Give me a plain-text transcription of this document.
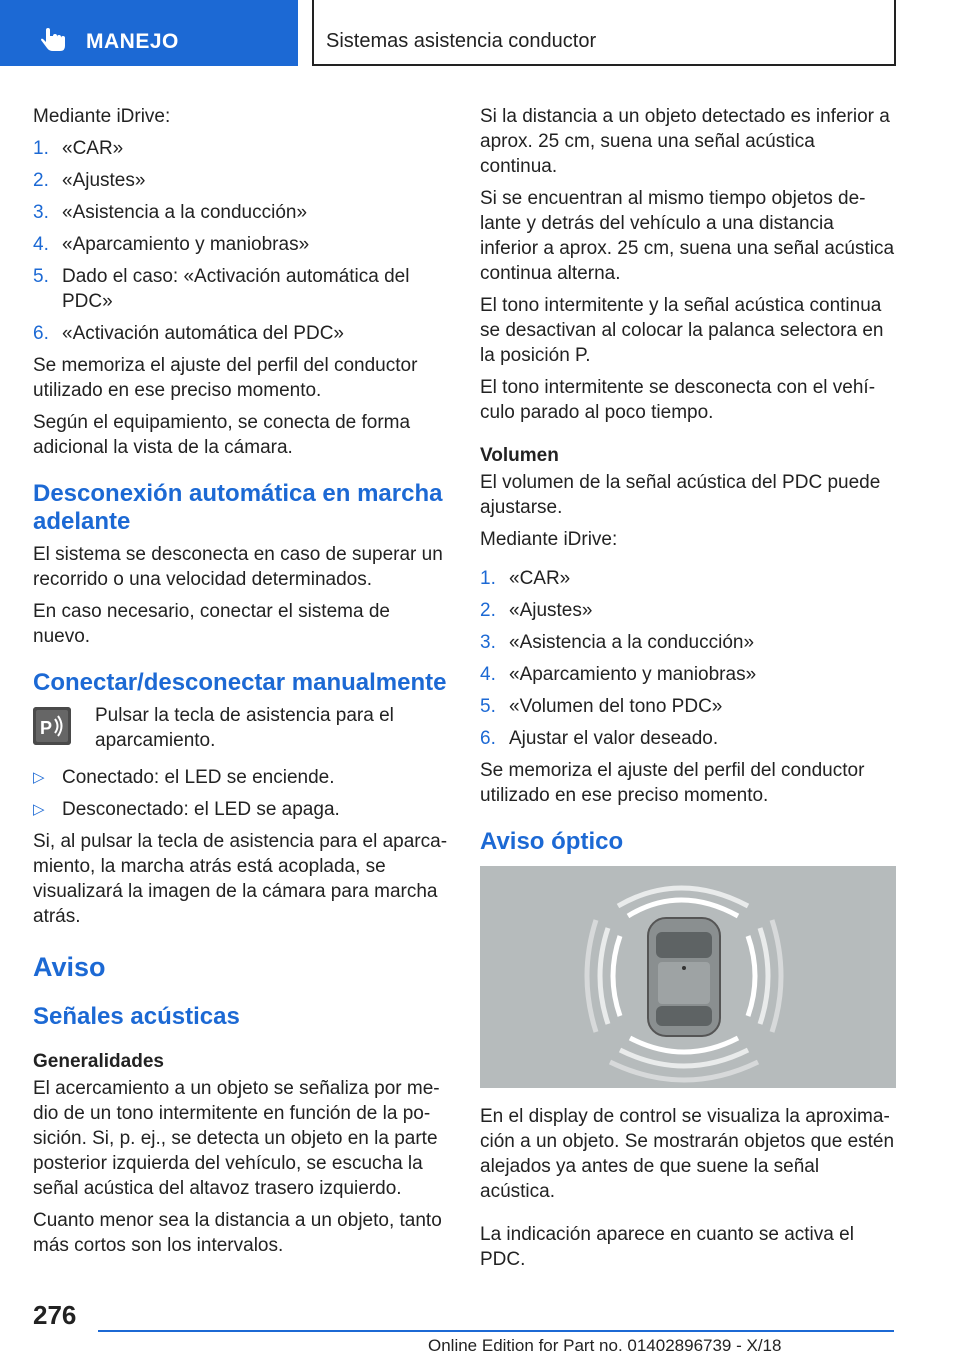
MANEJO	Sistemas asistencia conductor

Mediante iDrive:

1. «CAR»
2. «Ajustes»
3. «Asistencia a la conducción»
4. «Aparcamiento y maniobras»
5. Dado el caso: «Activación automática del PDC»
6. «Activación automática del PDC»

Se memoriza el ajuste del perfil del conductor utilizado en ese preciso momento.

Según el equipamiento, se conecta de forma adicional la vista de la cámara.

Desconexión automática en marcha adelante

El sistema se desconecta en caso de superar un recorrido o una velocidad determinados.

En caso necesario, conectar el sistema de nuevo.

Conectar/desconectar manualmente
P

Pulsar la tecla de asistencia para el aparcamiento.

▷ Conectado: el LED se enciende.
▷ Desconectado: el LED se apaga.

Si, al pulsar la tecla de asistencia para el aparcamiento, la marcha atrás está acoplada, se visualizará la imagen de la cámara para marcha atrás.

Aviso
Señales acústicas
Generalidades

El acercamiento a un objeto se señaliza por medio de un tono intermitente en función de la posición. Si, p. ej., se detecta un objeto en la parte posterior izquierda del vehículo, se escucha la señal acústica del altavoz trasero izquierdo.

Cuanto menor sea la distancia a un objeto, tanto más cortos son los intervalos.

Si la distancia a un objeto detectado es inferior a aprox. 25 cm, suena una señal acústica continua.

Si se encuentran al mismo tiempo objetos delante y detrás del vehículo a una distancia inferior a aprox. 25 cm, suena una señal acústica continua alterna.

El tono intermitente y la señal acústica continua se desactivan al colocar la palanca selectora en la posición P.

El tono intermitente se desconecta con el vehículo parado al poco tiempo.

Volumen

El volumen de la señal acústica del PDC puede ajustarse.

Mediante iDrive:

1. «CAR»
2. «Ajustes»
3. «Asistencia a la conducción»
4. «Aparcamiento y maniobras»
5. «Volumen del tono PDC»
6. Ajustar el valor deseado.

Se memoriza el ajuste del perfil del conductor utilizado en ese preciso momento.

Aviso óptico

En el display de control se visualiza la aproximación a un objeto. Se mostrarán objetos que estén alejados ya antes de que suene la señal acústica.

La indicación aparece en cuanto se activa el PDC.

276
Online Edition for Part no. 01402896739 - X/18
